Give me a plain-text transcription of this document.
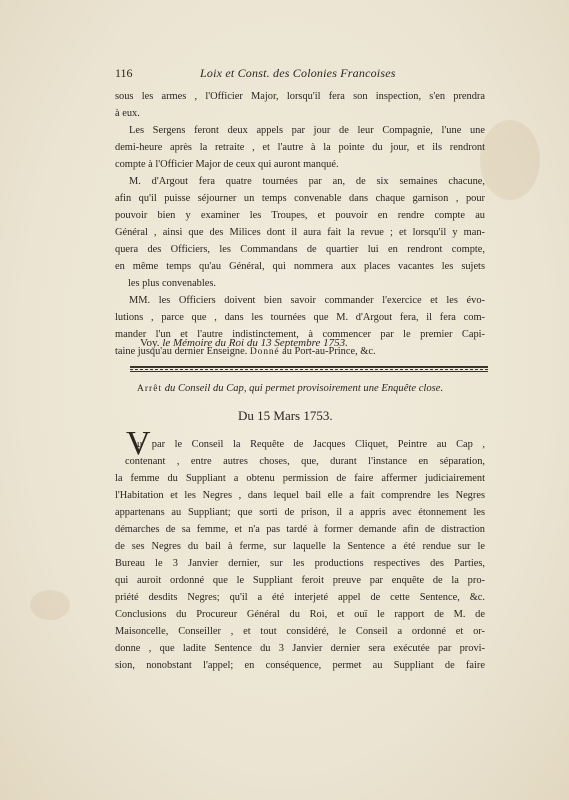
116	Loix et Const. des Colonies Francoises
sous les armes , l'Officier Major, lorsqu'il fera son inspection, s'en prendra
à eux.
Les Sergens feront deux appels par jour de leur Compagnie, l'une une
demi-heure après la retraite , et l'autre à la pointe du jour, et ils rendront
compte à l'Officier Major de ceux qui auront manqué.
M. d'Argout fera quatre tournées par an, de six semaines chacune,
afin qu'il puisse séjourner un temps convenable dans chaque garnison , pour
pouvoir bien y examiner les Troupes, et pouvoir en rendre compte au
Général , ainsi que des Milices dont il aura fait la revue ; et lorsqu'il y man-
quera des Officiers, les Commandans de quartier lui en rendront compte,
en même temps qu'au Général, qui nommera aux places vacantes les sujets
les plus convenables.
MM. les Officiers doivent bien savoir commander l'exercice et les évo-
lutions , parce que , dans les tournées que M. d'Argout fera, il fera com-
mander l'un et l'autre indistinctement, à commencer par le premier Capi-
taine jusqu'au dernier Enseigne. Donné au Port-au-Prince, &c.
Voy. le Mémoire du Roi du 13 Septembre 1753.
Arrêt du Conseil du Cap, qui permet provisoirement une Enquête close.
Du 15 Mars 1753.
V
u par le Conseil la Requête de Jacques Cliquet, Peintre au Cap ,
contenant , entre autres choses, que, durant l'instance en séparation,
la femme du Suppliant a obtenu permission de faire affermer judiciairement
l'Habitation et les Negres , dans lequel bail elle a fait comprendre les Negres
appartenans au Suppliant; que sorti de prison, il a appris avec étonnement les
démarches de sa femme, et n'a pas tardé à former demande afin de distraction
de ses Negres du bail à ferme, sur laquelle la Sentence a été rendue sur le
Bureau le 3 Janvier dernier, sur les productions respectives des Parties,
qui auroit ordonné que le Suppliant feroit preuve par enquête de la pro-
priété desdits Negres; qu'il a été interjeté appel de cette Sentence, &c.
Conclusions du Procureur Général du Roi, et ouï le rapport de M. de
Maisoncelle, Conseiller , et tout considéré, le Conseil a ordonné et or-
donne , que ladite Sentence du 3 Janvier dernier sera exécutée par provi-
sion, nonobstant l'appel; en conséquence, permet au Suppliant de faire
